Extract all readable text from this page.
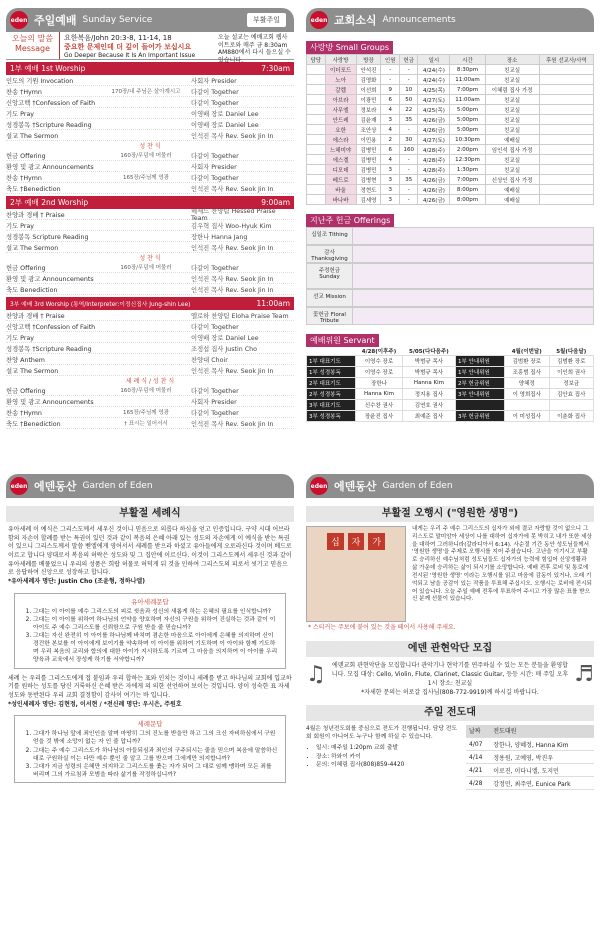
eden 주일예배 Sunday Service	부활주일
오늘의 말씀
Message
요한복음/John 20:3-8, 11-14, 18
중요한 문제인데 더 깊이 들어가 보십시요
Go Deeper Because It Is An Important Issue
오늘 설교는 예배고회 웹사이트로와 매주 금 8:30am AM880에서 다시 들으실 수 있습니다.
1부 예배 1st Worship	7:30am
인도의 기원 Invocation	사회자 Presider
찬송 †Hymn	170장/내 주님은 살아계시고	다같이 Together
신앙고백 †Confession of Faith	다같이 Together
기도 Pray	이영배 장로 Daniel Lee
성경봉독 †Scripture Reading	이영배 장로 Daniel Lee
설교 The Sermon	인석진 목사 Rev. Seok Jin In
성 찬 식
헌금 Offering	160장/무덤에 머물러	다같이 Together
환영 및 광고 Announcements	사회자 Presider
찬송 †Hymn	165장/주님께 영광	다같이 Together
축도 †Benediction	인석진 목사 Rev. Seok Jin In
2부 예배 2nd Worship	9:00am
찬양과 경배 † Praise	헤세드 찬양팀 Hessed Praise Team
기도 Pray	김우혁 집사 Woo-Hyuk Kim
성경봉독 Scripture Reading	장한나 Hanna Jang
설교 The Sermon	인석진 목사 Rev. Seok Jin In
성 찬 식
헌금 Offering	160장/무덤에 머물러	다같이 Together
환영 및 광고 Announcements	인석진 목사 Rev. Seok Jin In
축도 Benediction	인석진 목사 Rev. Seok Jin In
3부 예배 3rd Worship (통역/Interpreter:이정신집사 Jung-shin Lee)	11:00am
찬양과 경배 † Praise	엘로하 찬양팀 Eloha Praise Team
신앙고백 †Confession of Faith	다같이 Together
기도 Pray	이영배 장로 Daniel Lee
성경봉독 †Scripture Reading	조정섭 집사 Justin Cho
찬양 Anthem	찬양대 Choir
설교 The Sermon	인석진 목사 Rev. Seok Jin In
세 례 식 / 성 찬 식
헌금 Offering	160장/무덤에 머물러	다같이 Together
환영 및 광고 Announcements	사회자 Presider
찬송 †Hymn	165장/주님께 영광	다같이 Together
축도 †Benediction	† 표시는 일어서서	인석진 목사 Rev. Seok Jin In
eden 교회소식 Announcements
사랑방 Small Groups
담당	사랑방	방장	인원	헌금	일시	시간	장소	후원 선교사/사역
	이더포드	안석진	-	-	4/24(수)	8:30pm	친교실	
	노아	김영화	-	-	4/24(수)	11:00am	친교실	
	갈렙	이선희	9	10	4/25(목)	7:00pm	이혜림 집사 가정	
	아브라	이광민	6	50	4/27(토)	11:00am	친교실	
	사무엘	정보라	4	22	4/25(목)	5:00pm	친교실	
	안드레	김윤재	3	35	4/26(금)	5:00pm	친교실	
	요한	조안상	4	-	4/26(금)	5:00pm	친교실	
	에스라	이민용	2	30	4/27(토)	10:30pm	예배실	
	느헤미야	김병민	6	160	4/28(주)	2:00pm	임인석 집사 가정	
	에스겔	김병민	4	-	4/28(주)	12:30pm	친교실	
	디모데	김병민	3	-	4/28(주)	1:30pm	친교실	
	베드로	김병현	3	35	4/26(금)	7:00pm	신상인 집사 가정	
	바울	정현도	3	-	4/26(금)	8:00pm	예배실	
	바나바	김세영	3	-	4/26(금)	8:00pm	예배실	
지난주 헌금 Offerings
십일조 Tithing
감사 Thanksgiving
주정헌금 Sunday
선교 Mission
꽃헌금 Floral Tribute
예배위원 Servant
	4/28(이후주)	5/05(다다음주)		4월(이번달)	5월(다음달)
1부 대표기도	이영수 장로	박범규 목사	1부 안내위원	김범환 장로	김범환 장로
1부 성경봉독	이영수 장로	박범규 목사	1부 안내위원	조흥범 집사	이인희 권사
2부 대표기도	장한나	Hanna Kim	2부 헌금위원	양혜정	정보금
2부 성경봉독	Hanna Kim	정지용 집사	3부 안내위원	이 영희집사	김안효 집사
3부 대표기도	신수찬 권사	김연호 권사			
3부 성경봉독	장윤진 집사	최예준 집사	3부 헌금위원	이 미성집사	이춘화 집사
eden 에덴동산 Garden of Eden
부활절 세례식
유아세례 이 예식은 그리스도께서 세우신 것이니 믿음으로 의롭다 하심을 얻고 인증입니다. 구약 시대 어브라함의 자손이 할례를 받는 특권이 있던 것과 같이 복음의 은혜 아래 있는 성도의 자손에게 이 예식을 받는 특권이 있으니 그리스도께서 말씀 벧엘에게 영어서서 세례를 받으라 하셨고 유아들에게 오로라신다 것이며 베드로 이르고 합니다 양대로서 복음의 허락은 성도와 및 그 집안에 이르신다. 이것이 그리스도께서 세우신 것과 같이 유아세례를 베풀었으니 우리의 성품은 희랍 허물로 허덕게 뒤 것을 인하여 그리스도의 피로서 씻기고 믿음으로 응답하여 신앙으로 성장하고 합니다.
*유아세례자 명단: Justin Cho (조윤형, 정하나엘)
유아세례문답
1. 그대는 이 아이를 예수 그리스도의 피로 씻음과 성신의 새롭게 하는 은혜의 필요를 인식합니까?
2. 그대는 이 아이를 위하여 하나님의 언약을 양호하며 자신의 구원을 위하여 진실하는 것과 같이 이 아이도 주 예수 그리스도를 신뢰함으로 구원 받을 줄 믿습니까?
3. 그대는 자신 완전히 이 아이를 하나님께 바치며 겸손한 마음으로 아이에게 은혜를 의지하며 신이 경건한 본보를 이 아이에게 보이기를 약속하며 이 아이를 위하여 기도하며 이 아이와 함께 기도하며 우리 복음의 교리와 합의에 대한 아이가 지시하도록 기르며 그 마음을 의지하여 이 아이를 우리 양육과 교육에서 장성케 하기를 서약합니까?
세례 는 우리를 그리스도에게 접 붙임과 우리 합하는 표와 인치는 것이니 세례를 받고 하나님의 교회에 입교하기를 원하는 성도를 당신 거룩하신 은혜 받은 자에게 의 의한 선언하여 보이는 것입니다. 양이 성숙한 표 자세 성도와 동반된다 우리 교회 결정함이 감사이 여기는 바 입니다.
*성인세례자 명단: 김현정, 이서현 / *전신례 명단: 우시은, 주원호
세례문답
1. 그대가 하나님 앞에 죄인인을 알며 마땅히 그의 진노를 받을만 하고 그의 크신 자비하심에서 구원 얻을 것 밖에 소망이 없는 자 인 줄 압니까?
2. 그대는 주 예수 그리스도가 하나님의 아들되심과 죄인의 구주되시는 줄을 믿으며 복음에 말씀하신 대로 구원하실 이는 다만 예수 뿐인 줄 알고 그를 받으며 그에게만 의지합니까?
3. 그대가 지금 성령의 은혜만 의지하고 그리스도를 좇는 자가 되어 그 대로 임께 맹하며 모든 죄를 버리며 그의 가르침과 모범을 따라 삶기를 작정하십니까?
eden 에덴동산 Garden of Eden
부활절 오행시 ("영원한 생명")
십	자	가
내게는 우리 주 예수 그리스도의 십자가 외에 결코 자랑할 것이 없으니 그리스도로 말미암아 세상이 나를 대하여 십자가에 못 박히고 내가 또한 세상을 대하여 그러하니라(갈라디아서 6:14). 사순절 기간 동안 성도님들께서 '영원한 생명'을 주제로 오행시를 지어 주셨습니다. 고난을 이기시고 부활로 승리하신 예수님처럼 성도님들도 십자가의 능력에 힘입어 신앙생활과 삶 가운데 승리하는 삶이 되시기를 소망합니다. 예배 전후 로비 및 통로에 전시된 '영원한 생명' 이라는 오행시를 읽고 마음에 감동이 있거나, 오래 기억되고 남을 공감이 있는 작품을 투표해 주십시오. 오행시는 로비에 전시되어 있습니다. 오늘 주일 예배 전후에 투표하여 주시고 가장 많은 표를 받으신 분께 선물이 있습니다.
* 스티커는 주보에 붙어 있는 것을 떼어서 사용해 주세요.
에덴 관현악단 모집
♫	에덴교회 관현악단을 모집합니다! 관악기나 현악기를 연주하실 수 있는 모든 분들을 환영합니다. 모집 대상: Cello, Violin, Flute, Clarinet, Classic Guitar, 등등 시간: 매 주일 오후 1시 장소: 친교실	♬
*자세한 문의는 허로갈 집사님(808-772-9919)께 하시길 바랍니다.
주일 전도대
4월은 청년전도회를 중심으로 전도가 진행됩니다. 담당 전도회 회원이 아니어도 누구나 함께 하실 수 있습니다.
• 일시: 매주일 1:20pm 교회 출발
• 장소: 하와이 카이
• 문의: 이혜림 집사(808)859-4420
날짜	전도대원
4/07	장한나, 양혜정, Hanna Kim
4/14	정용원, 고예영, 박진우
4/21	이로진, 이다니엘, 도지민
4/28	강정민, 최주연, Eunice Park
